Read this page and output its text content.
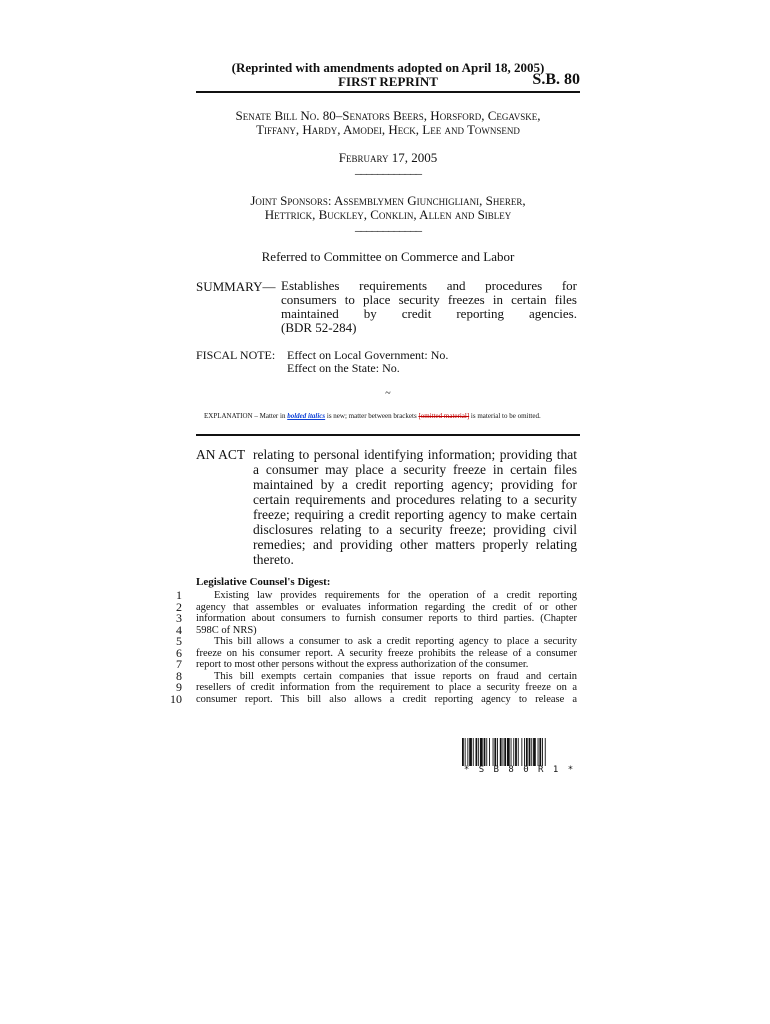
(Reprinted with amendments adopted on April 18, 2005)
FIRST REPRINT	S.B. 80
Senate Bill No. 80–Senators Beers, Horsford, Cegavske,
Tiffany, Hardy, Amodei, Heck, Lee and Townsend
February 17, 2005
____________
Joint Sponsors: Assemblymen Giunchigliani, Sherer,
Hettrick, Buckley, Conklin, Allen and Sibley
____________
Referred to Committee on Commerce and Labor
SUMMARY— Establishes requirements and procedures for
consumers to place security freezes in certain files
maintained by credit reporting agencies.
(BDR 52-284)
FISCAL NOTE: Effect on Local Government: No.
Effect on the State: No.
~
EXPLANATION – Matter in bolded italics is new; matter between brackets [omitted material] is material to be omitted.
AN ACT relating to personal identifying information; providing that
a consumer may place a security freeze in certain files
maintained by a credit reporting agency; providing for
certain requirements and procedures relating to a security
freeze; requiring a credit reporting agency to make certain
disclosures relating to a security freeze; providing civil
remedies; and providing other matters properly relating
thereto.
Legislative Counsel's Digest:
1
2
3
4
5
6
7
8
9
10
Existing law provides requirements for the operation of a credit reporting
agency that assembles or evaluates information regarding the credit of or other
information about consumers to furnish consumer reports to third parties. (Chapter
598C of NRS)
This bill allows a consumer to ask a credit reporting agency to place a security
freeze on his consumer report. A security freeze prohibits the release of a consumer
report to most other persons without the express authorization of the consumer.
This bill exempts certain companies that issue reports on fraud and certain
resellers of credit information from the requirement to place a security freeze on a
consumer report. This bill also allows a credit reporting agency to release a
* S B 8 0 R 1 *
